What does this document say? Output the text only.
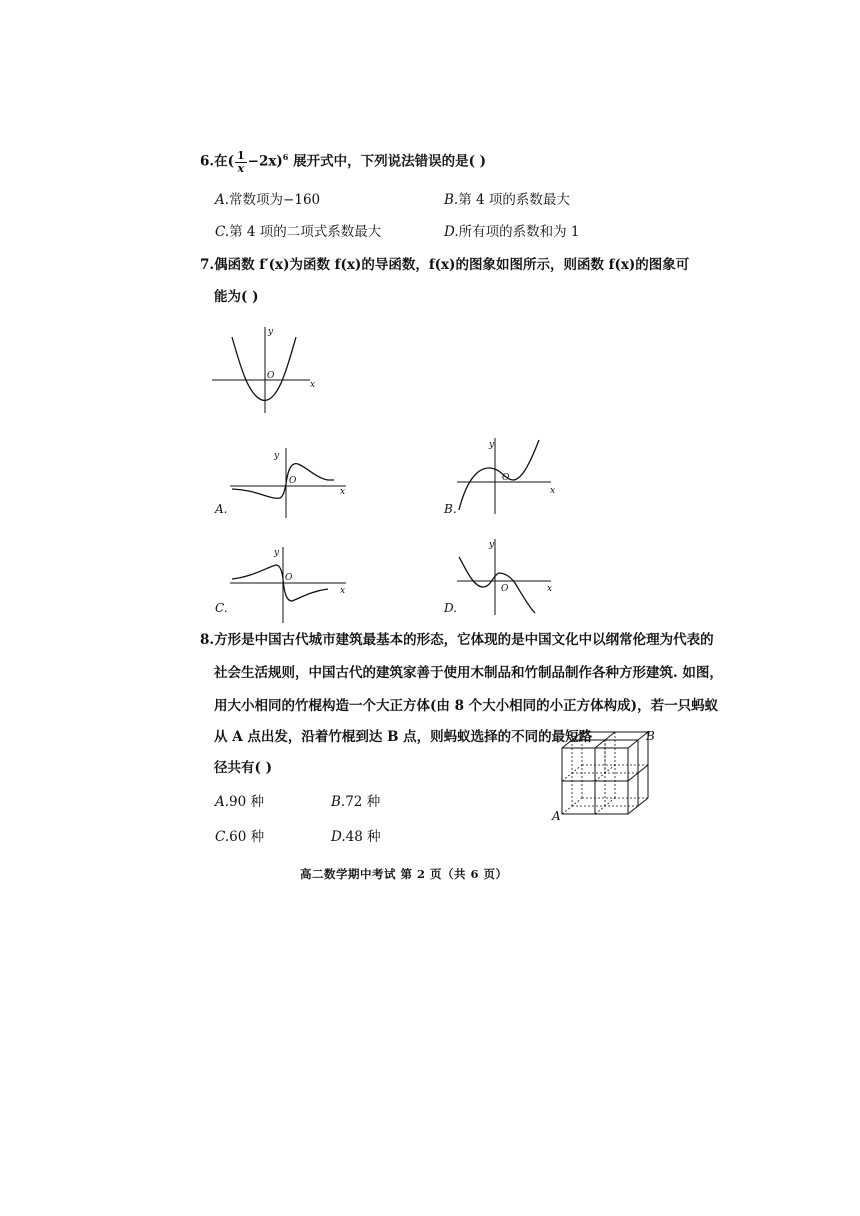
6.在( $\frac{1}{x} -2x)^6$ 展开式中，下列说法错误的是( )
A.常数项为−160	B.第 4 项的系数最大
C.第 4 项的二项式系数最大	D.所有项的系数和为 1
7.偶函数 f′(x)为函数 f(x)的导函数，f(x)的图象如图所示，则函数 f(x)的图象可
能为( )
y
x
O
y
x
O
A.
y
x
O
B.
y
x
O
C.
y
x
O
D.
8.方形是中国古代城市建筑最基本的形态，它体现的是中国文化中以纲常伦理为代表的
社会生活规则，中国古代的建筑家善于使用木制品和竹制品制作各种方形建筑. 如图，
用大小相同的竹棍构造一个大正方体(由 8 个大小相同的小正方体构成)，若一只蚂蚁
从 A 点出发，沿着竹棍到达 B 点，则蚂蚁选择的不同的最短路
径共有( )
A.90 种	B.72 种
C.60 种	D.48 种
A
B
高二数学期中考试 第 2 页（共 6 页）
